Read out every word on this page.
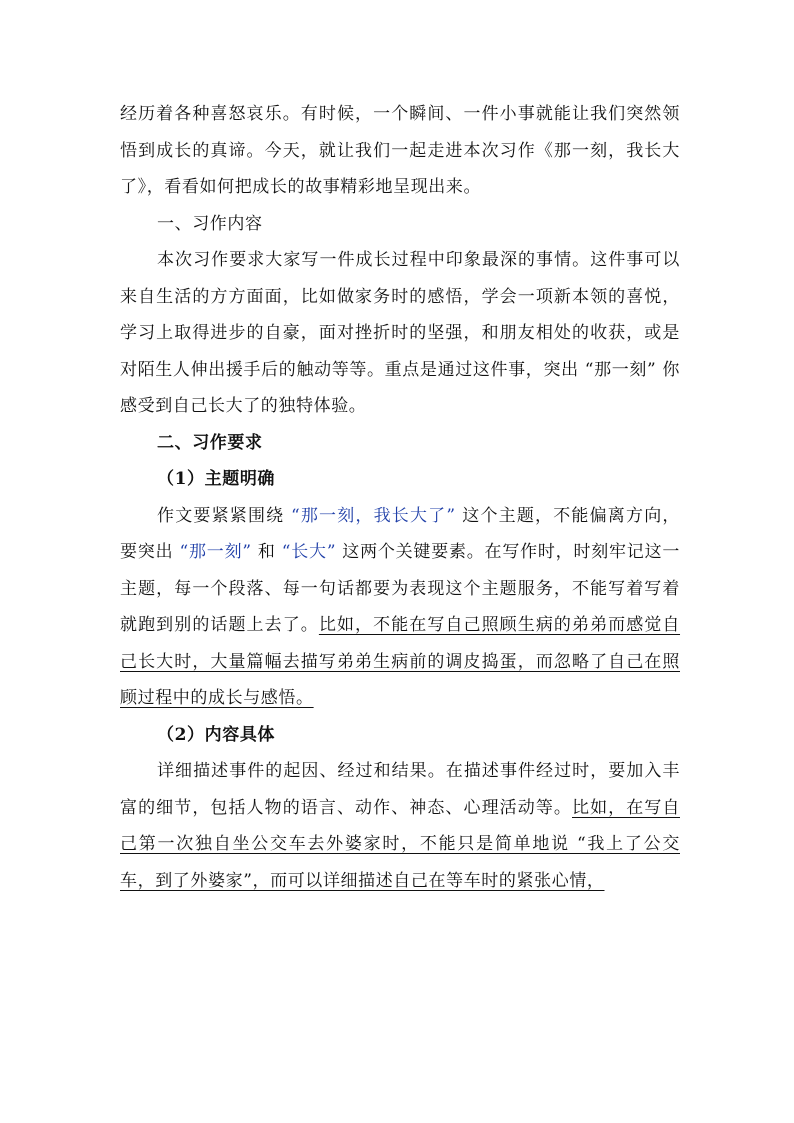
经历着各种喜怒哀乐。有时候，一个瞬间、一件小事就能让我们突然领悟到成长的真谛。今天，就让我们一起走进本次习作《那一刻，我长大了》，看看如何把成长的故事精彩地呈现出来。

一、习作内容

本次习作要求大家写一件成长过程中印象最深的事情。这件事可以来自生活的方方面面，比如做家务时的感悟，学会一项新本领的喜悦，学习上取得进步的自豪，面对挫折时的坚强，和朋友相处的收获，或是对陌生人伸出援手后的触动等等。重点是通过这件事，突出 “那一刻” 你感受到自己长大了的独特体验。

二、习作要求

（1）主题明确

作文要紧紧围绕 “那一刻，我长大了” 这个主题，不能偏离方向，要突出 “那一刻” 和 “长大” 这两个关键要素。在写作时，时刻牢记这一主题，每一个段落、每一句话都要为表现这个主题服务，不能写着写着就跑到别的话题上去了。比如，不能在写自己照顾生病的弟弟而感觉自己长大时，大量篇幅去描写弟弟生病前的调皮捣蛋，而忽略了自己在照顾过程中的成长与感悟。

（2）内容具体

详细描述事件的起因、经过和结果。在描述事件经过时，要加入丰富的细节，包括人物的语言、动作、神态、心理活动等。比如，在写自己第一次独自坐公交车去外婆家时，不能只是简单地说 “我上了公交车，到了外婆家”，而可以详细描述自己在等车时的紧张心情，
